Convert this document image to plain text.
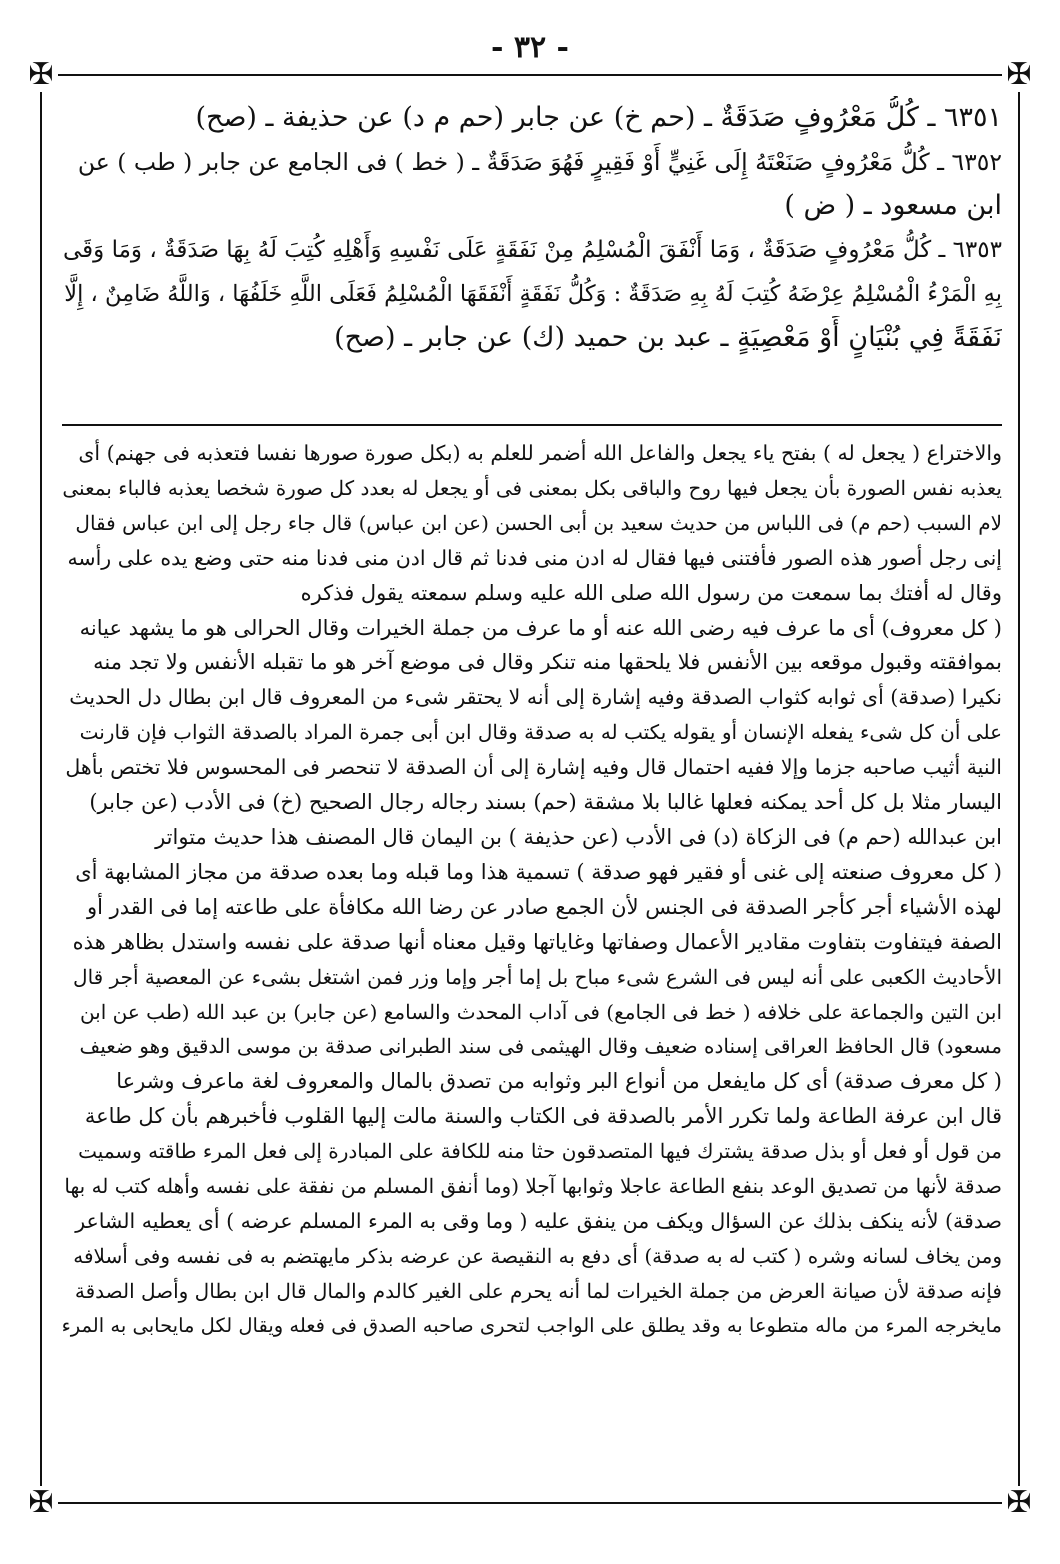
- ٣٢ -
✠	✠
✠	✠

٦٣٥١ ـ كُلُّ مَعْرُوفٍ صَدَقَةٌ ـ (حم خ) عن جابر (حم م د) عن حذيفة ـ (صح)

٦٣٥٢ ـ كُلُّ مَعْرُوفٍ صَنَعْتَهُ إِلَى غَنِيٍّ أَوْ فَقِيرٍ فَهُوَ صَدَقَةٌ ـ ( خط ) فى الجامع عن جابر ( طب ) عن

ابن مسعود ـ ( ض )

٦٣٥٣ ـ كُلُّ مَعْرُوفٍ صَدَقَةٌ ، وَمَا أَنْفَقَ الْمُسْلِمُ مِنْ نَفَقَةٍ عَلَى نَفْسِهِ وَأَهْلِهِ كُتِبَ لَهُ بِهَا صَدَقَةٌ ، وَمَا وَقَى

بِهِ الْمَرْءُ الْمُسْلِمُ عِرْضَهُ كُتِبَ لَهُ بِهِ صَدَقَةٌ : وَكُلُّ نَفَقَةٍ أَنْفَقَهَا الْمُسْلِمُ فَعَلَى اللَّهِ خَلَفُهَا ، وَاللَّهُ ضَامِنٌ ، إِلَّا

نَفَقَةً فِي بُنْيَانٍ أَوْ مَعْصِيَةٍ ـ عبد بن حميد (ك) عن جابر ـ (صح)

والاختراع ( يجعل له ) بفتح ياء يجعل والفاعل الله أضمر للعلم به (بكل صورة صورها نفسا فتعذبه فى جهنم) أى

يعذبه نفس الصورة بأن يجعل فيها روح والباقى بكل بمعنى فى أو يجعل له بعدد كل صورة شخصا يعذبه فالباء بمعنى

لام السبب (حم م) فى اللباس من حديث سعيد بن أبى الحسن (عن ابن عباس) قال جاء رجل إلى ابن عباس فقال

إنى رجل أصور هذه الصور فأفتنى فيها فقال له ادن منى فدنا ثم قال ادن منى فدنا منه حتى وضع يده على رأسه

وقال له أفتك بما سمعت من رسول الله صلى الله عليه وسلم سمعته يقول فذكره

( كل معروف) أى ما عرف فيه رضى الله عنه أو ما عرف من جملة الخيرات وقال الحرالى هو ما يشهد عيانه

بموافقته وقبول موقعه بين الأنفس فلا يلحقها منه تنكر وقال فى موضع آخر هو ما تقبله الأنفس ولا تجد منه

نكيرا (صدقة) أى ثوابه كثواب الصدقة وفيه إشارة إلى أنه لا يحتقر شىء من المعروف قال ابن بطال دل الحديث

على أن كل شىء يفعله الإنسان أو يقوله يكتب له به صدقة وقال ابن أبى جمرة المراد بالصدقة الثواب فإن قارنت

النية أثيب صاحبه جزما وإلا ففيه احتمال قال وفيه إشارة إلى أن الصدقة لا تنحصر فى المحسوس فلا تختص بأهل

اليسار مثلا بل كل أحد يمكنه فعلها غالبا بلا مشقة (حم) بسند رجاله رجال الصحيح (خ) فى الأدب (عن جابر)

ابن عبدالله (حم م) فى الزكاة (د) فى الأدب (عن حذيفة ) بن اليمان قال المصنف هذا حديث متواتر

( كل معروف صنعته إلى غنى أو فقير فهو صدقة ) تسمية هذا وما قبله وما بعده صدقة من مجاز المشابهة أى

لهذه الأشياء أجر كأجر الصدقة فى الجنس لأن الجمع صادر عن رضا الله مكافأة على طاعته إما فى القدر أو

الصفة فيتفاوت بتفاوت مقادير الأعمال وصفاتها وغاياتها وقيل معناه أنها صدقة على نفسه واستدل بظاهر هذه

الأحاديث الكعبى على أنه ليس فى الشرع شىء مباح بل إما أجر وإما وزر فمن اشتغل بشىء عن المعصية أجر قال

ابن التين والجماعة على خلافه ( خط فى الجامع) فى آداب المحدث والسامع (عن جابر) بن عبد الله (طب عن ابن

مسعود) قال الحافظ العراقى إسناده ضعيف وقال الهيثمى فى سند الطبرانى صدقة بن موسى الدقيق وهو ضعيف

( كل معرف صدقة) أى كل مايفعل من أنواع البر وثوابه من تصدق بالمال والمعروف لغة ماعرف وشرعا

قال ابن عرفة الطاعة ولما تكرر الأمر بالصدقة فى الكتاب والسنة مالت إليها القلوب فأخبرهم بأن كل طاعة

من قول أو فعل أو بذل صدقة يشترك فيها المتصدقون حثا منه للكافة على المبادرة إلى فعل المرء طاقته وسميت

صدقة لأنها من تصديق الوعد بنفع الطاعة عاجلا وثوابها آجلا (وما أنفق المسلم من نفقة على نفسه وأهله كتب له بها

صدقة) لأنه ينكف بذلك عن السؤال ويكف من ينفق عليه ( وما وقى به المرء المسلم عرضه ) أى يعطيه الشاعر

ومن يخاف لسانه وشره ( كتب له به صدقة) أى دفع به النقيصة عن عرضه بذكر مايهتضم به فى نفسه وفى أسلافه

فإنه صدقة لأن صيانة العرض من جملة الخيرات لما أنه يحرم على الغير كالدم والمال قال ابن بطال وأصل الصدقة

مايخرجه المرء من ماله متطوعا به وقد يطلق على الواجب لتحرى صاحبه الصدق فى فعله ويقال لكل مايحابى به المرء
